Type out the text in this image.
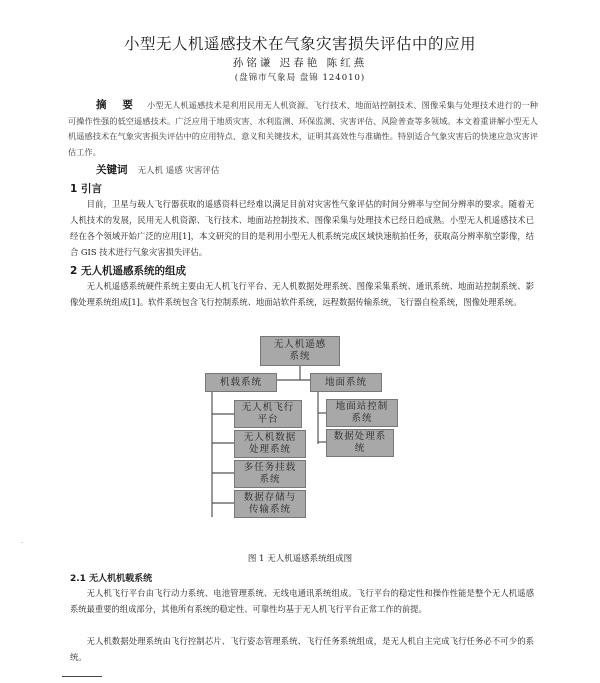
小型无人机遥感技术在气象灾害损失评估中的应用
孙铭谦 迟春艳 陈红燕
(盘锦市气象局 盘锦 124010)
摘 要 小型无人机遥感技术是利用民用无人机资源、飞行技术、地面站控制技术、图像采集与处理技术进行的一种可操作性强的低空遥感技术。广泛应用于地质灾害、水利监测、环保监测、灾害评估、风险普查等多领域。本文着重讲解小型无人机遥感技术在气象灾害损失评估中的应用特点、意义和关键技术，证明其高效性与准确性。特别适合气象灾害后的快速应急灾害评估工作。
关键词 无人机 遥感 灾害评估
1 引言
目前，卫星与载人飞行器获取的遥感资料已经难以满足目前对灾害性气象评估的时间分辨率与空间分辨率的要求。随着无人机技术的发展，民用无人机资源、飞行技术、地面站控制技术、图像采集与处理技术已经日趋成熟。小型无人机遥感技术已经在各个领域开始广泛的应用[1]，本文研究的目的是利用小型无人机系统完成区域快速航拍任务，获取高分辨率航空影像，结合 GIS 技术进行气象灾害损失评估。
2 无人机遥感系统的组成
无人机遥感系统硬件系统主要由无人机飞行平台、无人机数据处理系统、图像采集系统、通讯系统、地面站控制系统、影像处理系统组成[1]。软件系统包含飞行控制系统、地面站软件系统，远程数据传输系统，飞行器自检系统，图像处理系统。
无人机遥感
系统
机载系统	地面系统
无人机飞行
平台
无人机数据
处理系统
多任务挂载
系统
数据存储与
传输系统
地面站控制
系统
数据处理系
统
·
图 1 无人机遥感系统组成图
2.1 无人机机载系统
无人机飞行平台由飞行动力系统、电池管理系统、无线电通讯系统组成。飞行平台的稳定性和操作性能是整个无人机遥感系统最重要的组成部分，其他所有系统的稳定性、可靠性均基于无人机飞行平台正常工作的前提。
无人机数据处理系统由飞行控制芯片、飞行姿态管理系统、飞行任务系统组成，是无人机自主完成飞行任务必不可少的系统。
